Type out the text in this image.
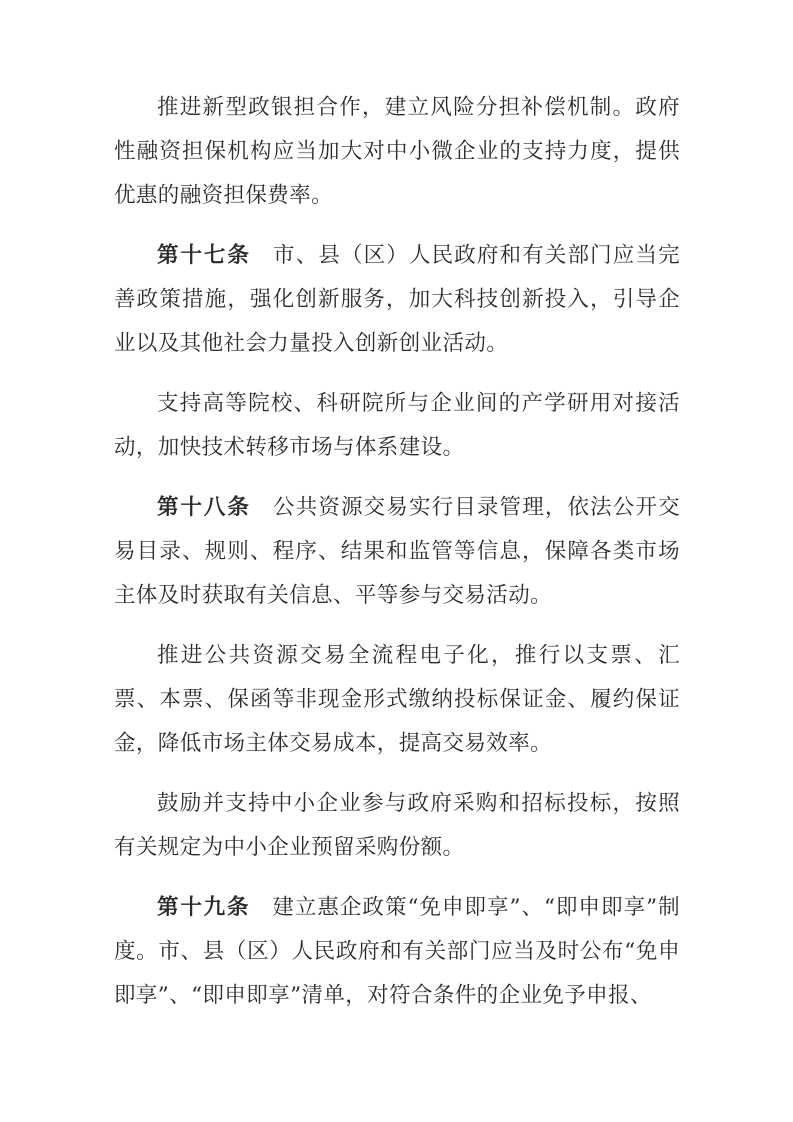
推进新型政银担合作，建立风险分担补偿机制。政府性融资担保机构应当加大对中小微企业的支持力度，提供优惠的融资担保费率。

第十七条 市、县（区）人民政府和有关部门应当完善政策措施，强化创新服务，加大科技创新投入，引导企业以及其他社会力量投入创新创业活动。

支持高等院校、科研院所与企业间的产学研用对接活动，加快技术转移市场与体系建设。

第十八条 公共资源交易实行目录管理，依法公开交易目录、规则、程序、结果和监管等信息，保障各类市场主体及时获取有关信息、平等参与交易活动。

推进公共资源交易全流程电子化，推行以支票、汇票、本票、保函等非现金形式缴纳投标保证金、履约保证金，降低市场主体交易成本，提高交易效率。

鼓励并支持中小企业参与政府采购和招标投标，按照有关规定为中小企业预留采购份额。

第十九条 建立惠企政策“免申即享”、“即申即享”制度。市、县（区）人民政府和有关部门应当及时公布“免申即享”、“即申即享”清单，对符合条件的企业免予申报、
